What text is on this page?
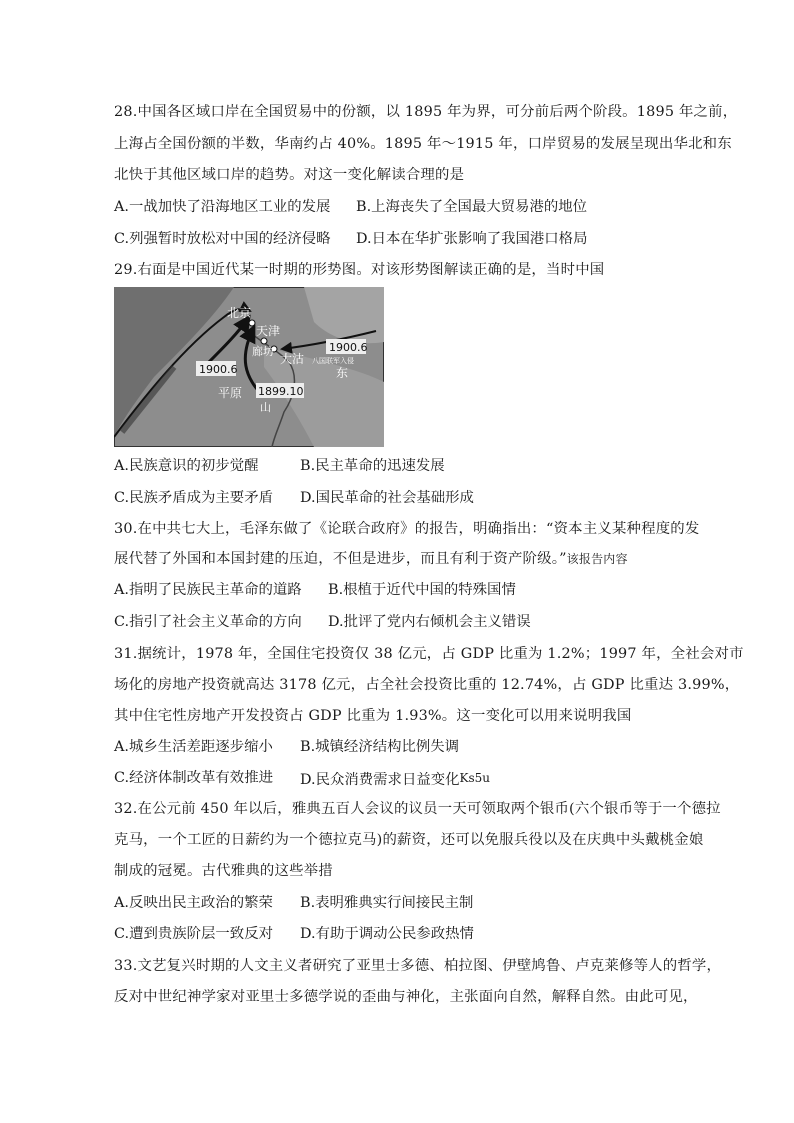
28.中国各区域口岸在全国贸易中的份额，以 1895 年为界，可分前后两个阶段。1895 年之前，
上海占全国份额的半数，华南约占 40%。1895 年～1915 年，口岸贸易的发展呈现出华北和东
北快于其他区域口岸的趋势。对这一变化解读合理的是
A.一战加快了沿海地区工业的发展 B.上海丧失了全国最大贸易港的地位
C.列强暂时放松对中国的经济侵略 D.日本在华扩张影响了我国港口格局
29.右面是中国近代某一时期的形势图。对该形势图解读正确的是，当时中国
北京
天津
廊坊
大沽
1900.6
1900.6
八国联军入侵
平原 1899.10
山
东
A.民族意识的初步觉醒	B.民主革命的迅速发展
C.民族矛盾成为主要矛盾 D.国民革命的社会基础形成
30.在中共七大上，毛泽东做了《论联合政府》的报告，明确指出：“资本主义某种程度的发
展代替了外国和本国封建的压迫，不但是进步，而且有利于资产阶级。”该报告内容
A.指明了民族民主革命的道路 B.根植于近代中国的特殊国情
C.指引了社会主义革命的方向 D.批评了党内右倾机会主义错误
31.据统计，1978 年，全国住宅投资仅 38 亿元，占 GDP 比重为 1.2%；1997 年，全社会对市
场化的房地产投资就高达 3178 亿元，占全社会投资比重的 12.74%，占 GDP 比重达 3.99%，
其中住宅性房地产开发投资占 GDP 比重为 1.93%。这一变化可以用来说明我国
A.城乡生活差距逐步缩小 B.城镇经济结构比例失调
C.经济体制改革有效推进 D.民众消费需求日益变化Ks5u
32.在公元前 450 年以后，雅典五百人会议的议员一天可领取两个银币(六个银币等于一个德拉
克马，一个工匠的日薪约为一个德拉克马)的薪资，还可以免服兵役以及在庆典中头戴桃金娘
制成的冠冕。古代雅典的这些举措
A.反映出民主政治的繁荣 B.表明雅典实行间接民主制
C.遭到贵族阶层一致反对 D.有助于调动公民参政热情
33.文艺复兴时期的人文主义者研究了亚里士多德、柏拉图、伊壁鸠鲁、卢克莱修等人的哲学，
反对中世纪神学家对亚里士多德学说的歪曲与神化，主张面向自然，解释自然。由此可见，
